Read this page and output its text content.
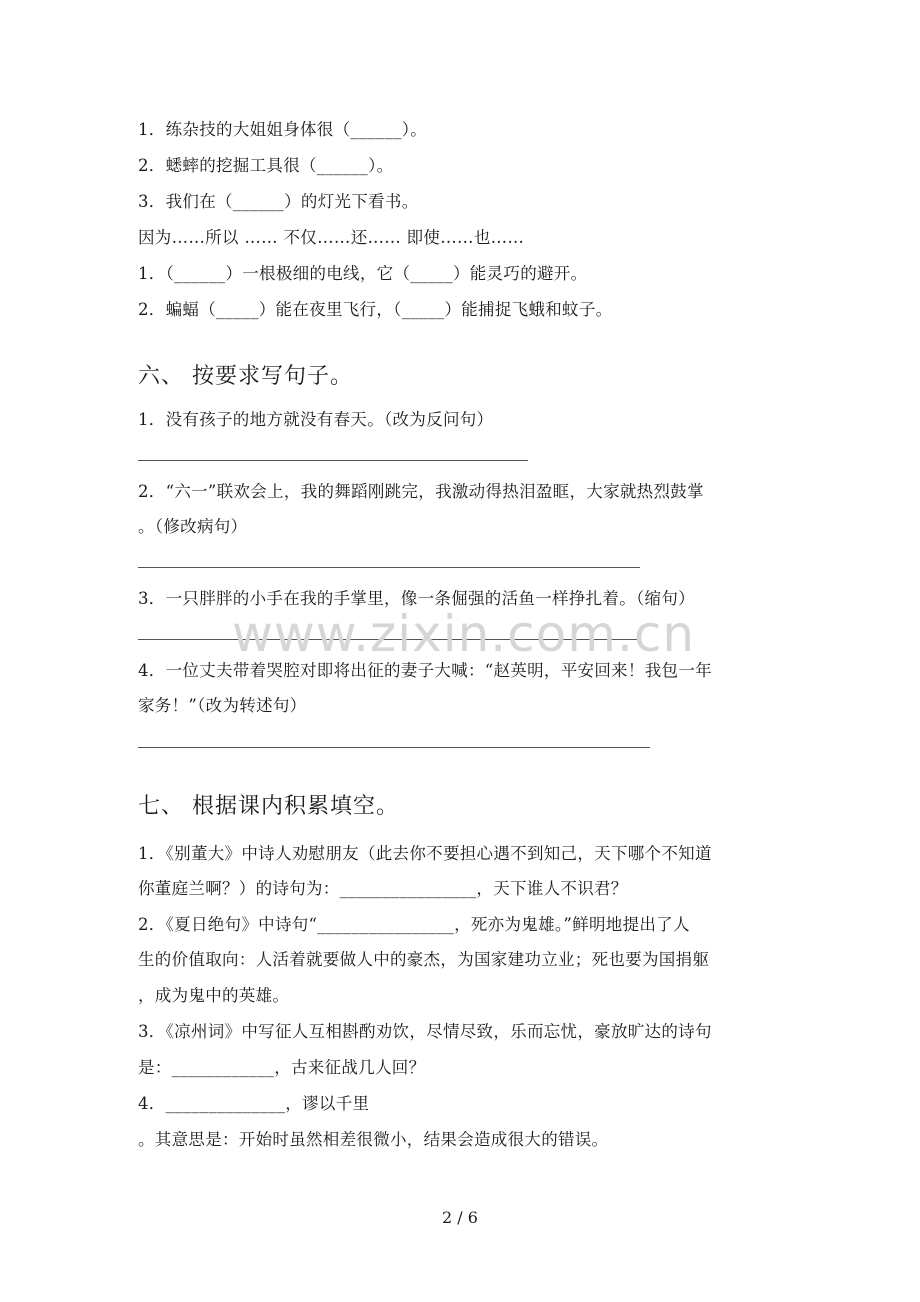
1．练杂技的大姐姐身体很（______）。
2．蟋蟀的挖掘工具很（______）。
3．我们在（______）的灯光下看书。
因为……所以 …… 不仅……还…… 即使……也……
1．（______）一根极细的电线，它（_____）能灵巧的避开。
2．蝙蝠（_____）能在夜里飞行，（_____）能捕捉飞蛾和蚊子。
六、 按要求写句子。
1．没有孩子的地方就没有春天。（改为反问句）
2．“六一”联欢会上，我的舞蹈刚跳完，我激动得热泪盈眶，大家就热烈鼓掌
。（修改病句）
3．一只胖胖的小手在我的手掌里，像一条倔强的活鱼一样挣扎着。（缩句）
4．一位丈夫带着哭腔对即将出征的妻子大喊：“赵英明，平安回来！我包一年
家务！”（改为转述句）
七、 根据课内积累填空。
1．《别董大》中诗人劝慰朋友（此去你不要担心遇不到知己，天下哪个不知道
你董庭兰啊？）的诗句为：________________，天下谁人不识君？
2．《夏日绝句》中诗句“________________，死亦为鬼雄。”鲜明地提出了人
生的价值取向：人活着就要做人中的豪杰，为国家建功立业；死也要为国捐躯
，成为鬼中的英雄。
3．《凉州词》中写征人互相斟酌劝饮，尽情尽致，乐而忘忧，豪放旷达的诗句
是：____________，古来征战几人回？
4．______________，谬以千里
。其意思是：开始时虽然相差很微小，结果会造成很大的错误。
www.zixin.com.cn
2 / 6
